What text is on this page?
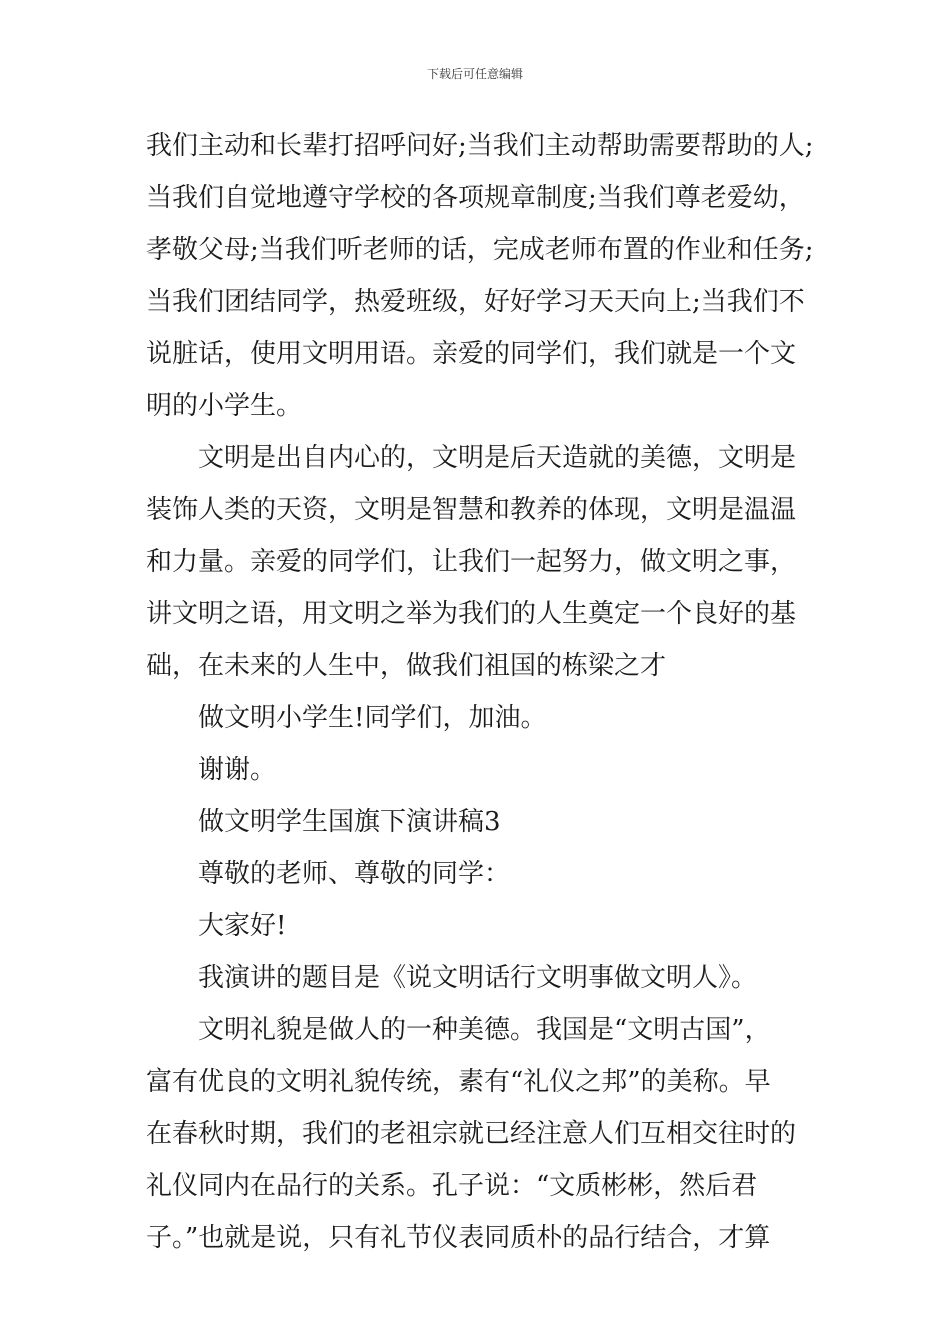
下载后可任意编辑
我们主动和长辈打招呼问好;当我们主动帮助需要帮助的人;
当我们自觉地遵守学校的各项规章制度;当我们尊老爱幼，
孝敬父母;当我们听老师的话，完成老师布置的作业和任务;
当我们团结同学，热爱班级，好好学习天天向上;当我们不
说脏话，使用文明用语。亲爱的同学们，我们就是一个文
明的小学生。
文明是出自内心的，文明是后天造就的美德，文明是
装饰人类的天资，文明是智慧和教养的体现，文明是温温
和力量。亲爱的同学们，让我们一起努力，做文明之事，
讲文明之语，用文明之举为我们的人生奠定一个良好的基
础，在未来的人生中，做我们祖国的栋梁之才
做文明小学生!同学们，加油。
谢谢。
做文明学生国旗下演讲稿3
尊敬的老师、尊敬的同学：
大家好!
我演讲的题目是《说文明话行文明事做文明人》。
文明礼貌是做人的一种美德。我国是“文明古国”，
富有优良的文明礼貌传统，素有“礼仪之邦”的美称。早
在春秋时期，我们的老祖宗就已经注意人们互相交往时的
礼仪同内在品行的关系。孔子说：“文质彬彬，然后君
子。”也就是说，只有礼节仪表同质朴的品行结合，才算
